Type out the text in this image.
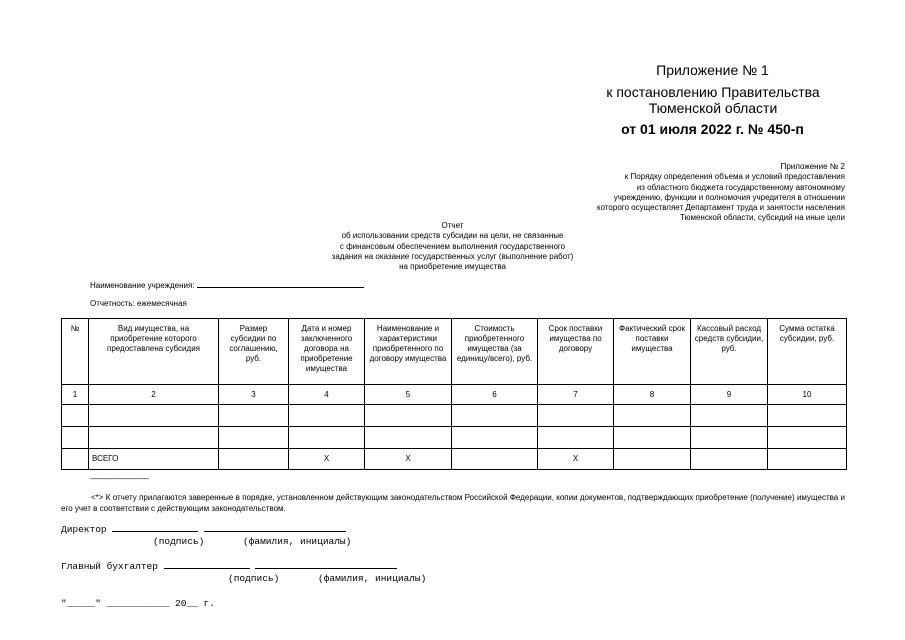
Приложение № 1
к постановлению Правительства Тюменской области
от 01 июля 2022 г. № 450-п
Приложение № 2
к Порядку определения объема и условий предоставления
из областного бюджета государственному автономному
учреждению, функции и полномочия учредителя в отношении
которого осуществляет Департамент труда и занятости населения
Тюменской области, субсидий на иные цели
Отчет
об использовании средств субсидии на цели, не связанные
с финансовым обеспечением выполнения государственного
задания на оказание государственных услуг (выполнение работ)
на приобретение имущества
Наименование учреждения:
Отчетность: ежемесячная
№	Вид имущества, на приобретение которого предоставлена субсидия	Размер субсидии по соглашению, руб.	Дата и номер заключенного договора на приобретение имущества	Наименование и характеристики приобретенного по договору имущества	Стоимость приобретенного имущества (за единицу/всего), руб.	Срок поставки имущества по договору	Фактический срок поставки имущества	Кассовый расход средств субсидии, руб.	Сумма остатка субсидии, руб.
1	2	3	4	5	6	7	8	9	10

	ВСЕГО		X	X		X			
--------------------------------
<*> К отчету прилагаются заверенные в порядке, установленном действующим законодательством Российской Федерации, копии документов, подтверждающих приобретение (получение) имущества и его учет в соответствии с действующим законодательством.
Директор
(подпись)	(фамилия, инициалы)
Главный бухгалтер
(подпись)	(фамилия, инициалы)
"_____" ___________ 20__ г.
